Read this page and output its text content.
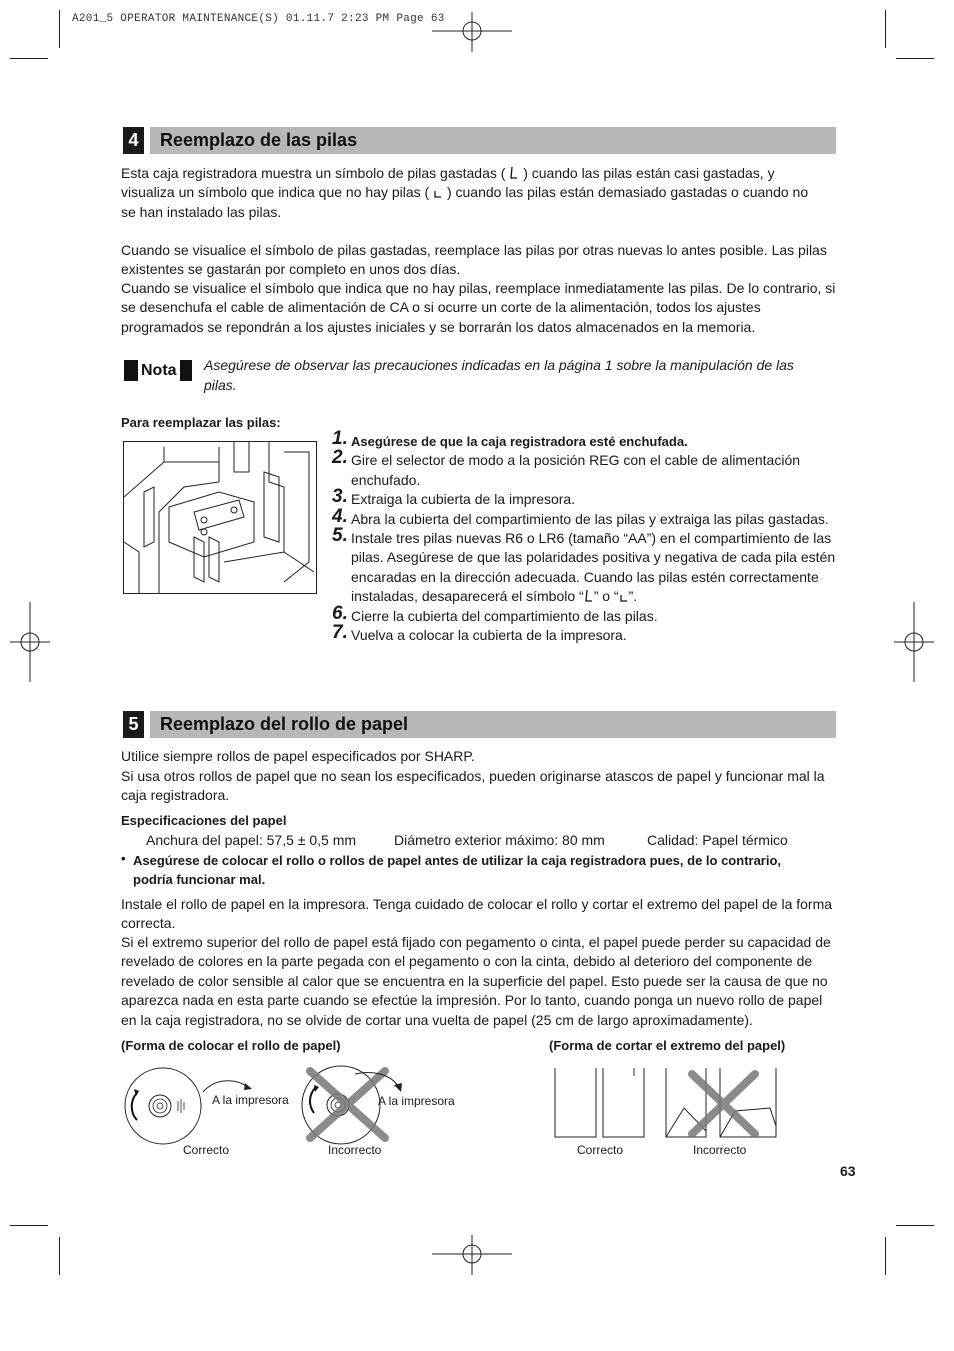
A201_5 OPERATOR MAINTENANCE(S) 01.11.7 2:23 PM Page 63
4	Reemplazo de las pilas
Esta caja registradora muestra un símbolo de pilas gastadas ( ) cuando las pilas están casi gastadas, y
visualiza un símbolo que indica que no hay pilas ( ) cuando las pilas están demasiado gastadas o cuando no
se han instalado las pilas.

Cuando se visualice el símbolo de pilas gastadas, reemplace las pilas por otras nuevas lo antes posible. Las pilas existentes se gastarán por completo en unos dos días.

Cuando se visualice el símbolo que indica que no hay pilas, reemplace inmediatamente las pilas. De lo contrario, si se desenchufa el cable de alimentación de CA o si ocurre un corte de la alimentación, todos los ajustes programados se repondrán a los ajustes iniciales y se borrarán los datos almacenados en la memoria.

Nota	Asegúrese de observar las precauciones indicadas en la página 1 sobre la manipulación de las pilas.
Para reemplazar las pilas:
1. Asegúrese de que la caja registradora esté enchufada.
2. Gire el selector de modo a la posición REG con el cable de alimentación enchufado.
3. Extraiga la cubierta de la impresora.
4. Abra la cubierta del compartimiento de las pilas y extraiga las pilas gastadas.
5. Instale tres pilas nuevas R6 o LR6 (tamaño “AA”) en el compartimiento de las pilas. Asegúrese de que las polaridades positiva y negativa de cada pila estén encaradas en la dirección adecuada. Cuando las pilas estén correctamente instaladas, desaparecerá el símbolo “ ” o “ ”.
6. Cierre la cubierta del compartimiento de las pilas.
7. Vuelva a colocar la cubierta de la impresora.
5	Reemplazo del rollo de papel

Utilice siempre rollos de papel especificados por SHARP.

Si usa otros rollos de papel que no sean los especificados, pueden originarse atascos de papel y funcionar mal la caja registradora.

Especificaciones del papel
Anchura del papel: 57,5 ± 0,5 mm	Diámetro exterior máximo: 80 mm	Calidad: Papel térmico
• Asegúrese de colocar el rollo o rollos de papel antes de utilizar la caja registradora pues, de lo contrario, podría funcionar mal.

Instale el rollo de papel en la impresora. Tenga cuidado de colocar el rollo y cortar el extremo del papel de la forma correcta.

Si el extremo superior del rollo de papel está fijado con pegamento o cinta, el papel puede perder su capacidad de revelado de colores en la parte pegada con el pegamento o con la cinta, debido al deterioro del componente de revelado de color sensible al calor que se encuentra en la superficie del papel. Esto puede ser la causa de que no aparezca nada en esta parte cuando se efectúe la impresión. Por lo tanto, cuando ponga un nuevo rollo de papel en la caja registradora, no se olvide de cortar una vuelta de papel (25 cm de largo aproximadamente).

(Forma de colocar el rollo de papel)	(Forma de cortar el extremo del papel)
A la impresora
Correcto
A la impresora
Incorrecto	Correcto	Incorrecto
63
